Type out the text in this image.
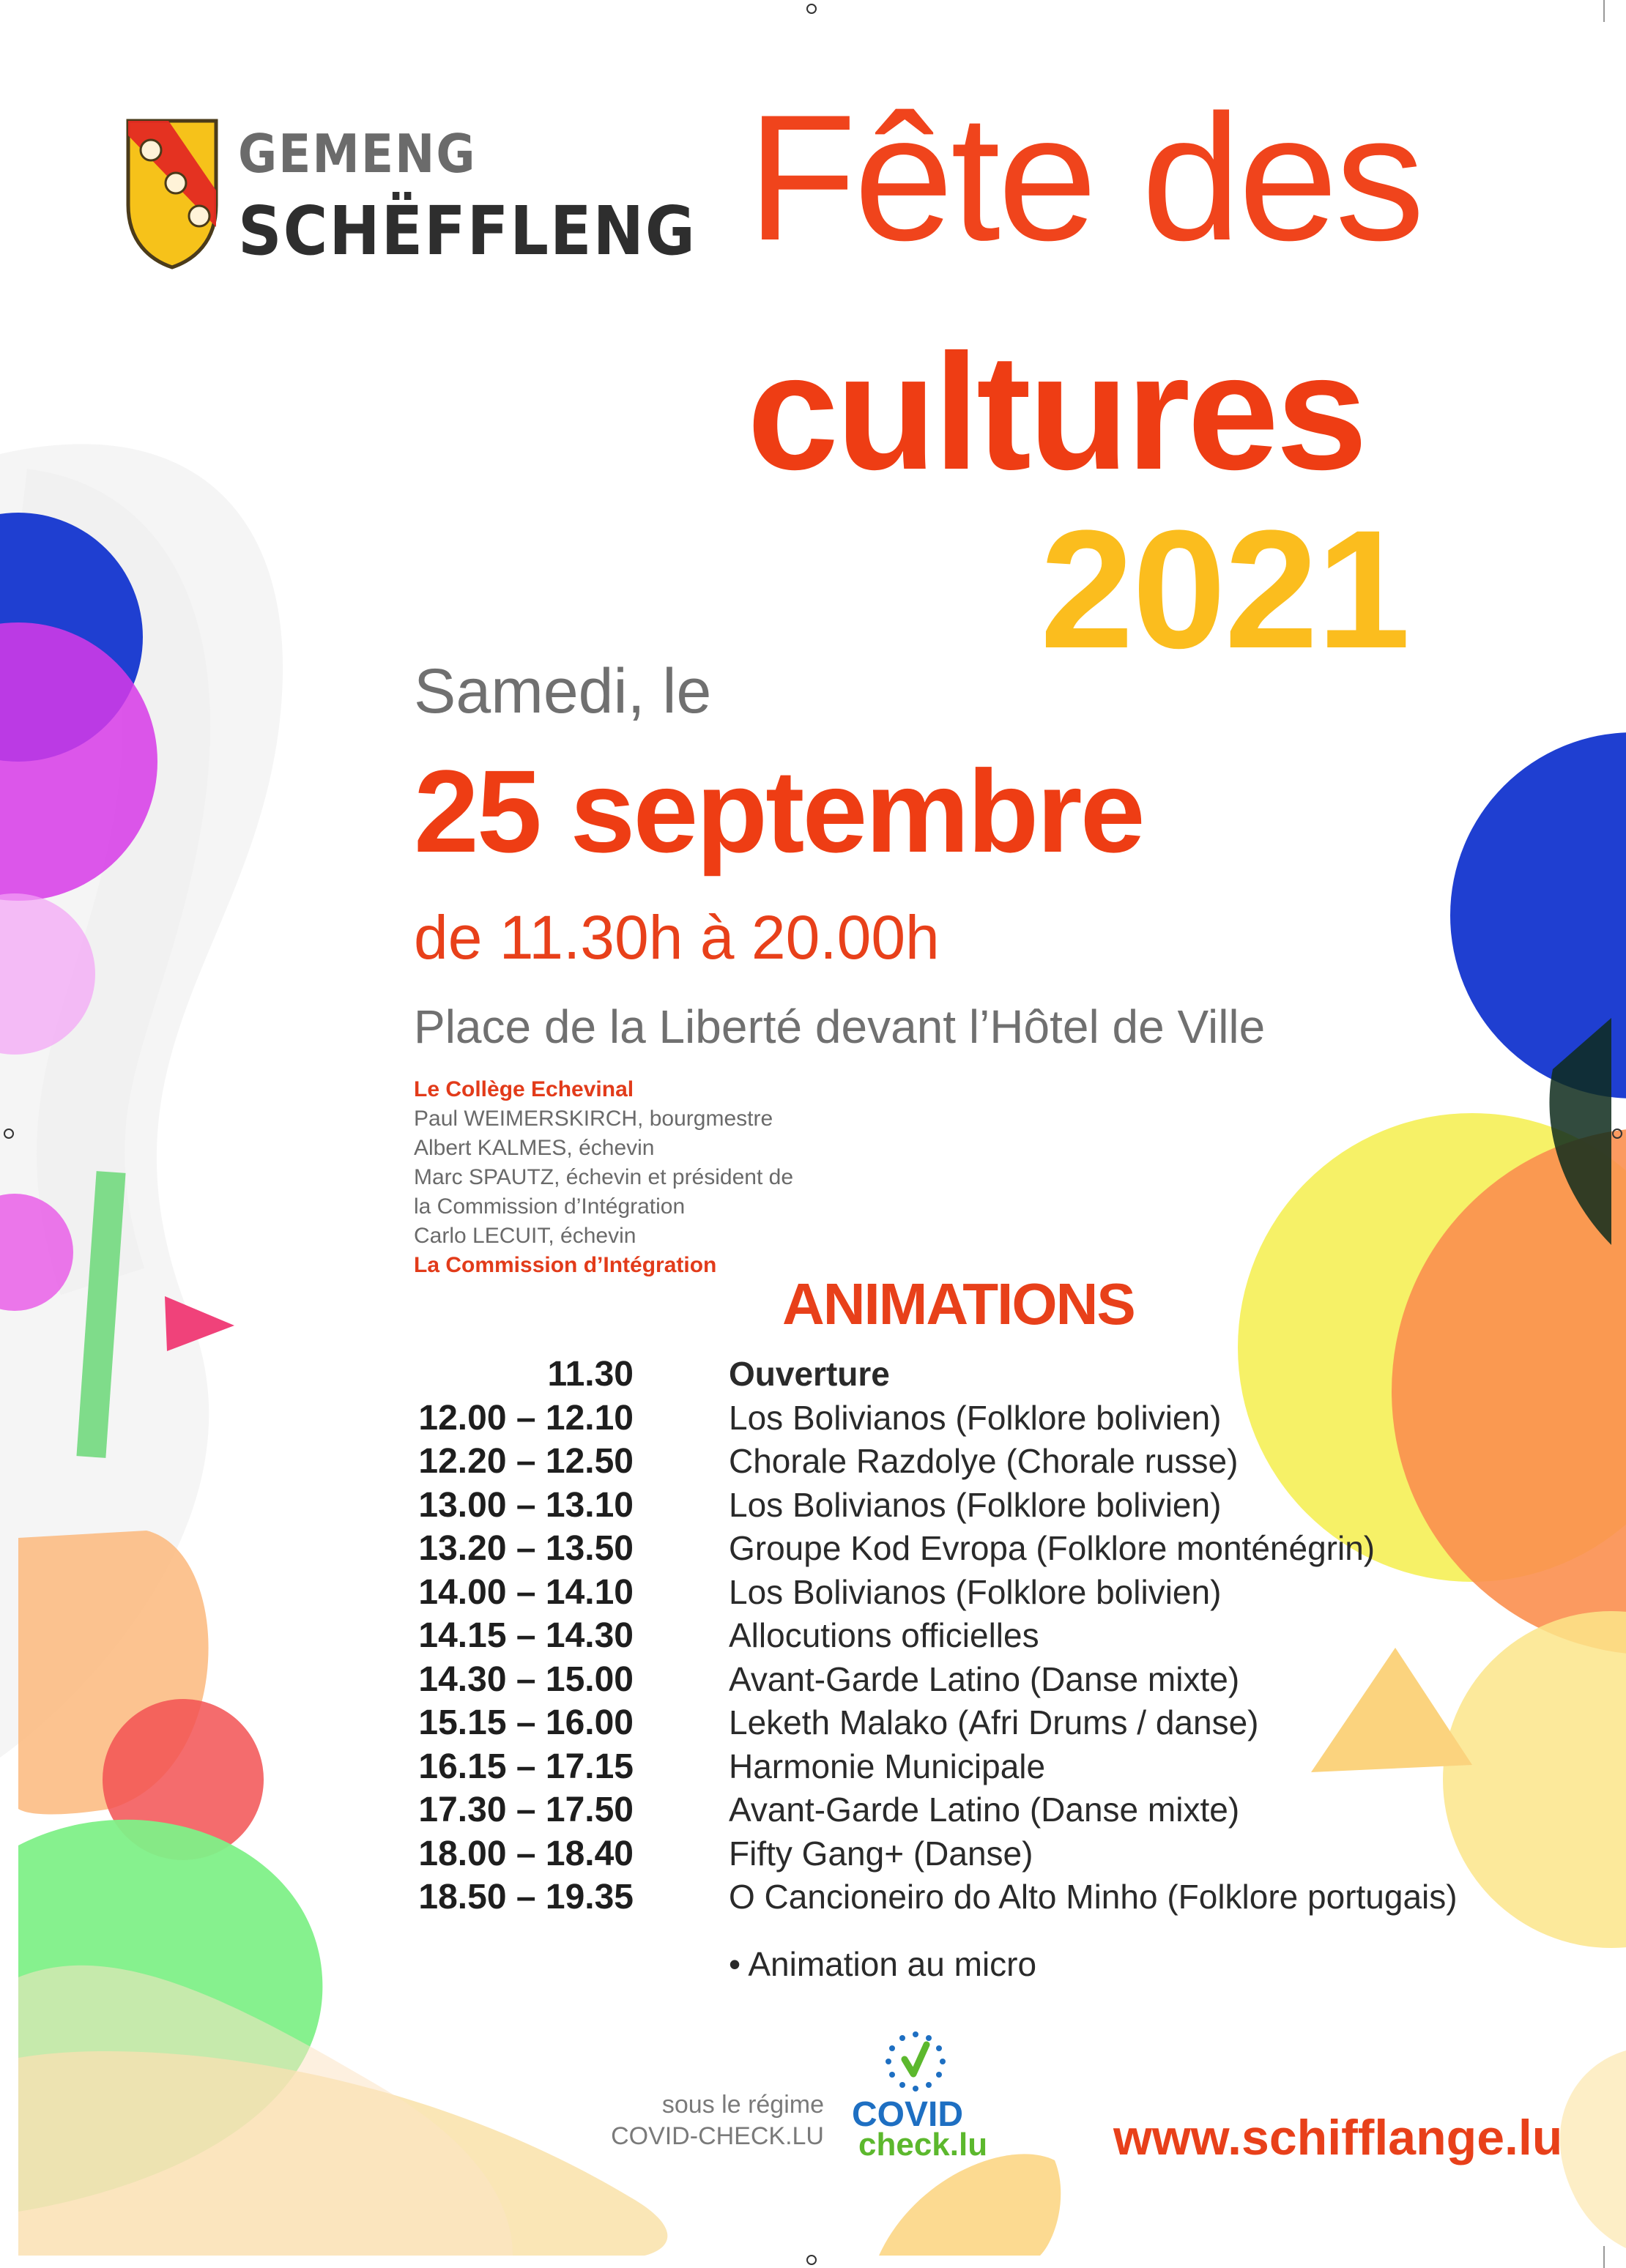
GEMENG
SCHËFFLENG Fête des
cultures
2021
Samedi, le
25 septembre
de 11.30h à 20.00h
Place de la Liberté devant l’Hôtel de Ville
Le Collège Echevinal
Paul WEIMERSKIRCH, bourgmestre
Albert KALMES, échevin
Marc SPAUTZ, échevin et président de
la Commission d’Intégration
Carlo LECUIT, échevin
La Commission d’Intégration
ANIMATIONS
11.30	Ouverture
12.00 – 12.10	Los Bolivianos (Folklore bolivien)
12.20 – 12.50	Chorale Razdolye (Chorale russe)
13.00 – 13.10	Los Bolivianos (Folklore bolivien)
13.20 – 13.50	Groupe Kod Evropa (Folklore monténégrin)
14.00 – 14.10	Los Bolivianos (Folklore bolivien)
14.15 – 14.30	Allocutions officielles
14.30 – 15.00	Avant-Garde Latino (Danse mixte)
15.15 – 16.00	Leketh Malako (Afri Drums / danse)
16.15 – 17.15	Harmonie Municipale
17.30 – 17.50	Avant-Garde Latino (Danse mixte)
18.00 – 18.40	Fifty Gang+ (Danse)
18.50 – 19.35	O Cancioneiro do Alto Minho (Folklore portugais)
• Animation au micro
sous le régime
COVID-CHECK.LU
COVID
check.lu	www.schifflange.lu
